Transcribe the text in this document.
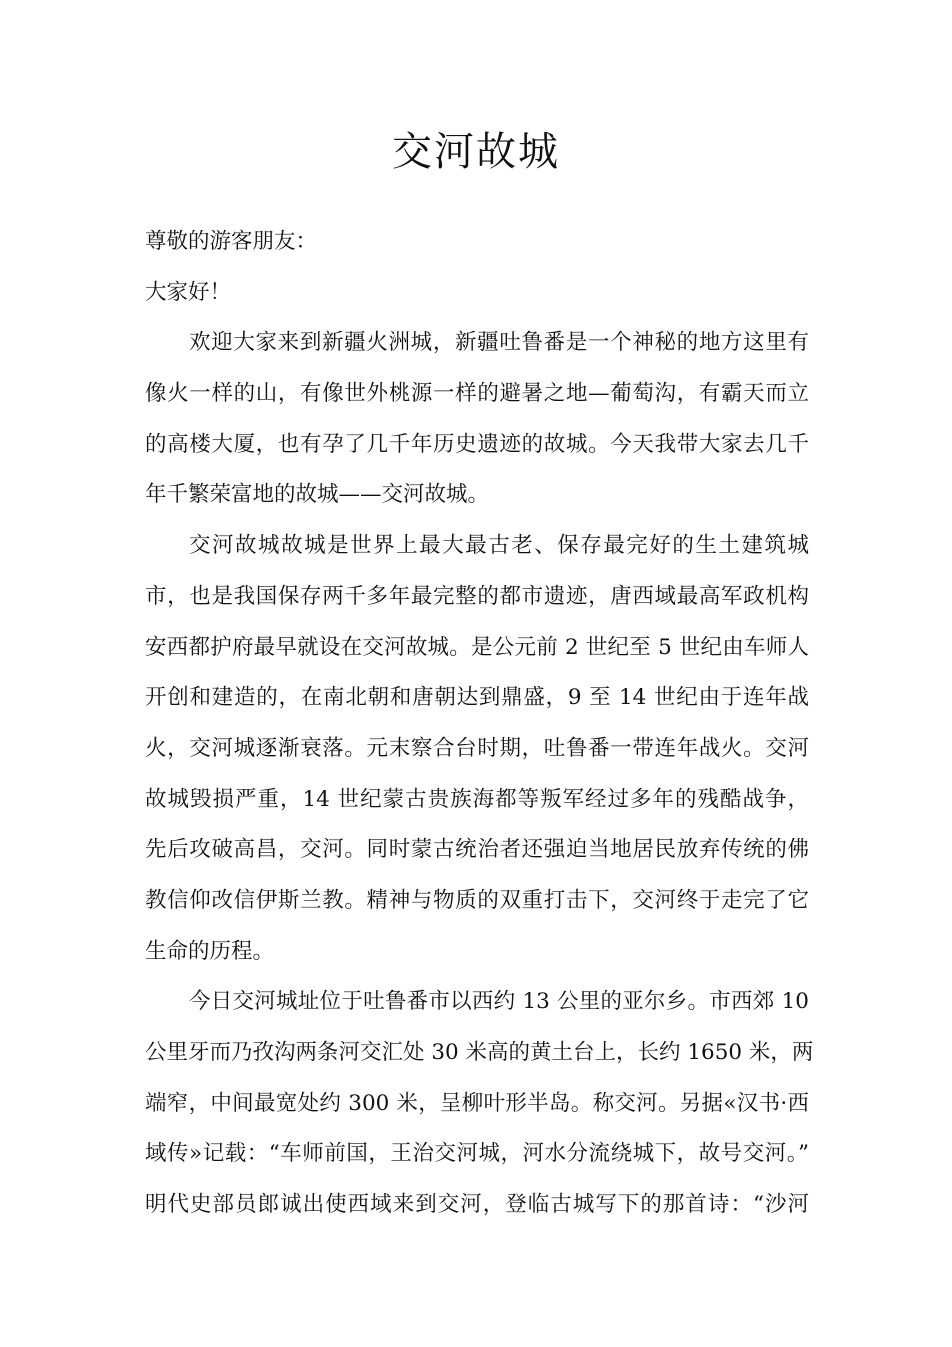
交河故城
尊敬的游客朋友：
大家好！
欢迎大家来到新疆火洲城，新疆吐鲁番是一个神秘的地方这里有
像火一样的山，有像世外桃源一样的避暑之地—葡萄沟，有霸天而立
的高楼大厦，也有孕了几千年历史遗迹的故城。今天我带大家去几千
年千繁荣富地的故城——交河故城。
交河故城故城是世界上最大最古老、保存最完好的生土建筑城
市，也是我国保存两千多年最完整的都市遗迹，唐西域最高军政机构
安西都护府最早就设在交河故城。是公元前 2 世纪至 5 世纪由车师人
开创和建造的，在南北朝和唐朝达到鼎盛，9 至 14 世纪由于连年战
火，交河城逐渐衰落。元末察合台时期，吐鲁番一带连年战火。交河
故城毁损严重，14 世纪蒙古贵族海都等叛军经过多年的残酷战争，
先后攻破高昌，交河。同时蒙古统治者还强迫当地居民放弃传统的佛
教信仰改信伊斯兰教。精神与物质的双重打击下，交河终于走完了它
生命的历程。
今日交河城址位于吐鲁番市以西约 13 公里的亚尔乡。市西郊 10
公里牙而乃孜沟两条河交汇处 30 米高的黄土台上，长约 1650 米，两
端窄，中间最宽处约 300 米，呈柳叶形半岛。称交河。另据«汉书·西
域传»记载：“车师前国，王治交河城，河水分流绕城下，故号交河。”
明代史部员郎诚出使西域来到交河，登临古城写下的那首诗：“沙河
